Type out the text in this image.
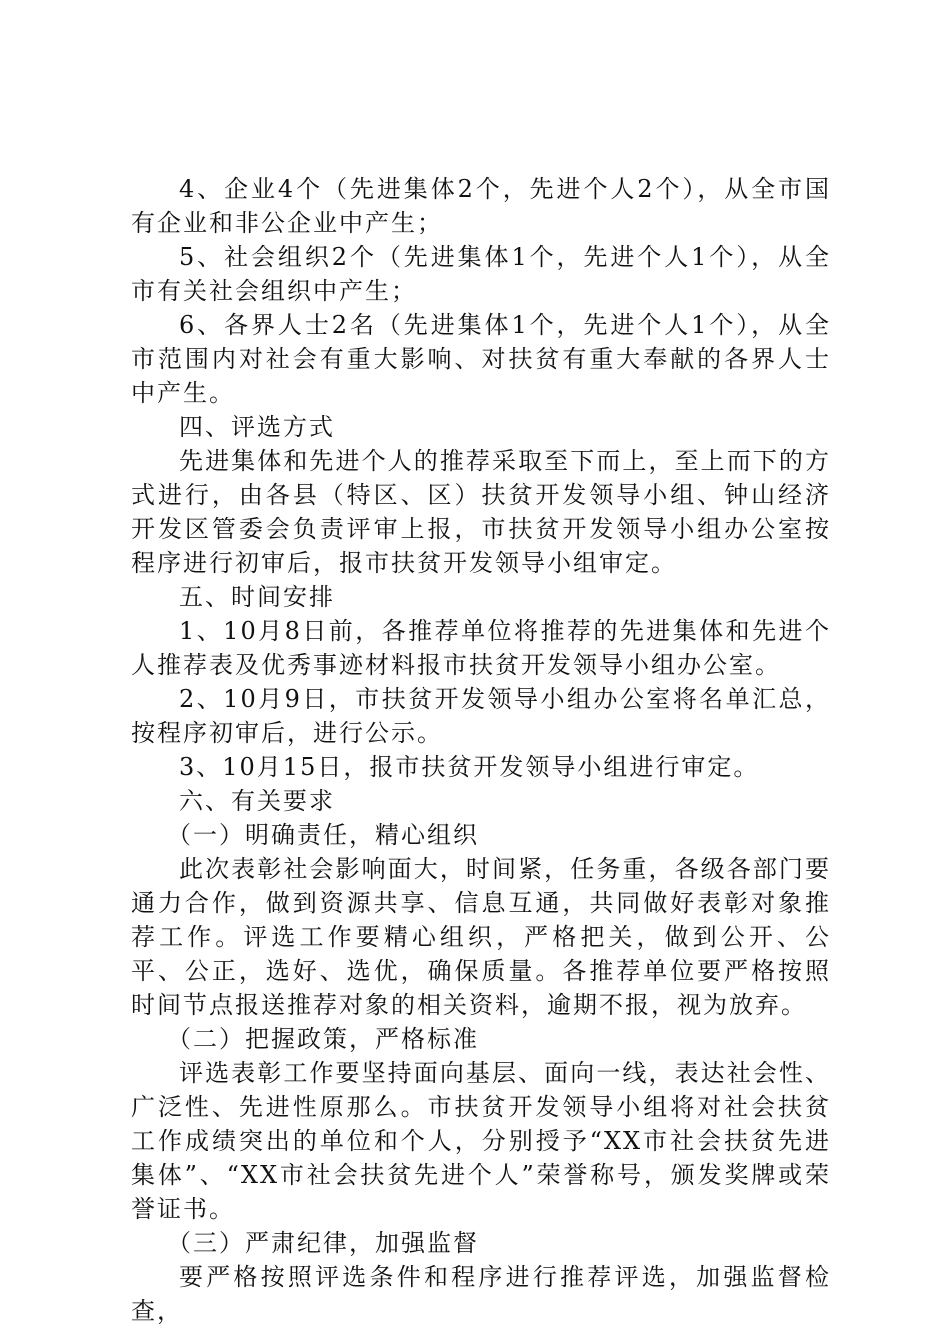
4、企业4个（先进集体2个，先进个人2个），从全市国有企业和非公企业中产生；

5、社会组织2个（先进集体1个，先进个人1个），从全市有关社会组织中产生；

6、各界人士2名（先进集体1个，先进个人1个），从全市范围内对社会有重大影响、对扶贫有重大奉献的各界人士中产生。

四、评选方式

先进集体和先进个人的推荐采取至下而上，至上而下的方式进行，由各县（特区、区）扶贫开发领导小组、钟山经济开发区管委会负责评审上报，市扶贫开发领导小组办公室按程序进行初审后，报市扶贫开发领导小组审定。

五、时间安排

1、10月8日前，各推荐单位将推荐的先进集体和先进个人推荐表及优秀事迹材料报市扶贫开发领导小组办公室。

2、10月9日，市扶贫开发领导小组办公室将名单汇总，按程序初审后，进行公示。

3、10月15日，报市扶贫开发领导小组进行审定。

六、有关要求

（一）明确责任，精心组织

此次表彰社会影响面大，时间紧，任务重，各级各部门要通力合作，做到资源共享、信息互通，共同做好表彰对象推荐工作。评选工作要精心组织，严格把关，做到公开、公平、公正，选好、选优，确保质量。各推荐单位要严格按照时间节点报送推荐对象的相关资料，逾期不报，视为放弃。

（二）把握政策，严格标准

评选表彰工作要坚持面向基层、面向一线，表达社会性、广泛性、先进性原那么。市扶贫开发领导小组将对社会扶贫工作成绩突出的单位和个人，分别授予“XX市社会扶贫先进集体”、“XX市社会扶贫先进个人”荣誉称号，颁发奖牌或荣誉证书。

（三）严肃纪律，加强监督

要严格按照评选条件和程序进行推荐评选，加强监督检查，
